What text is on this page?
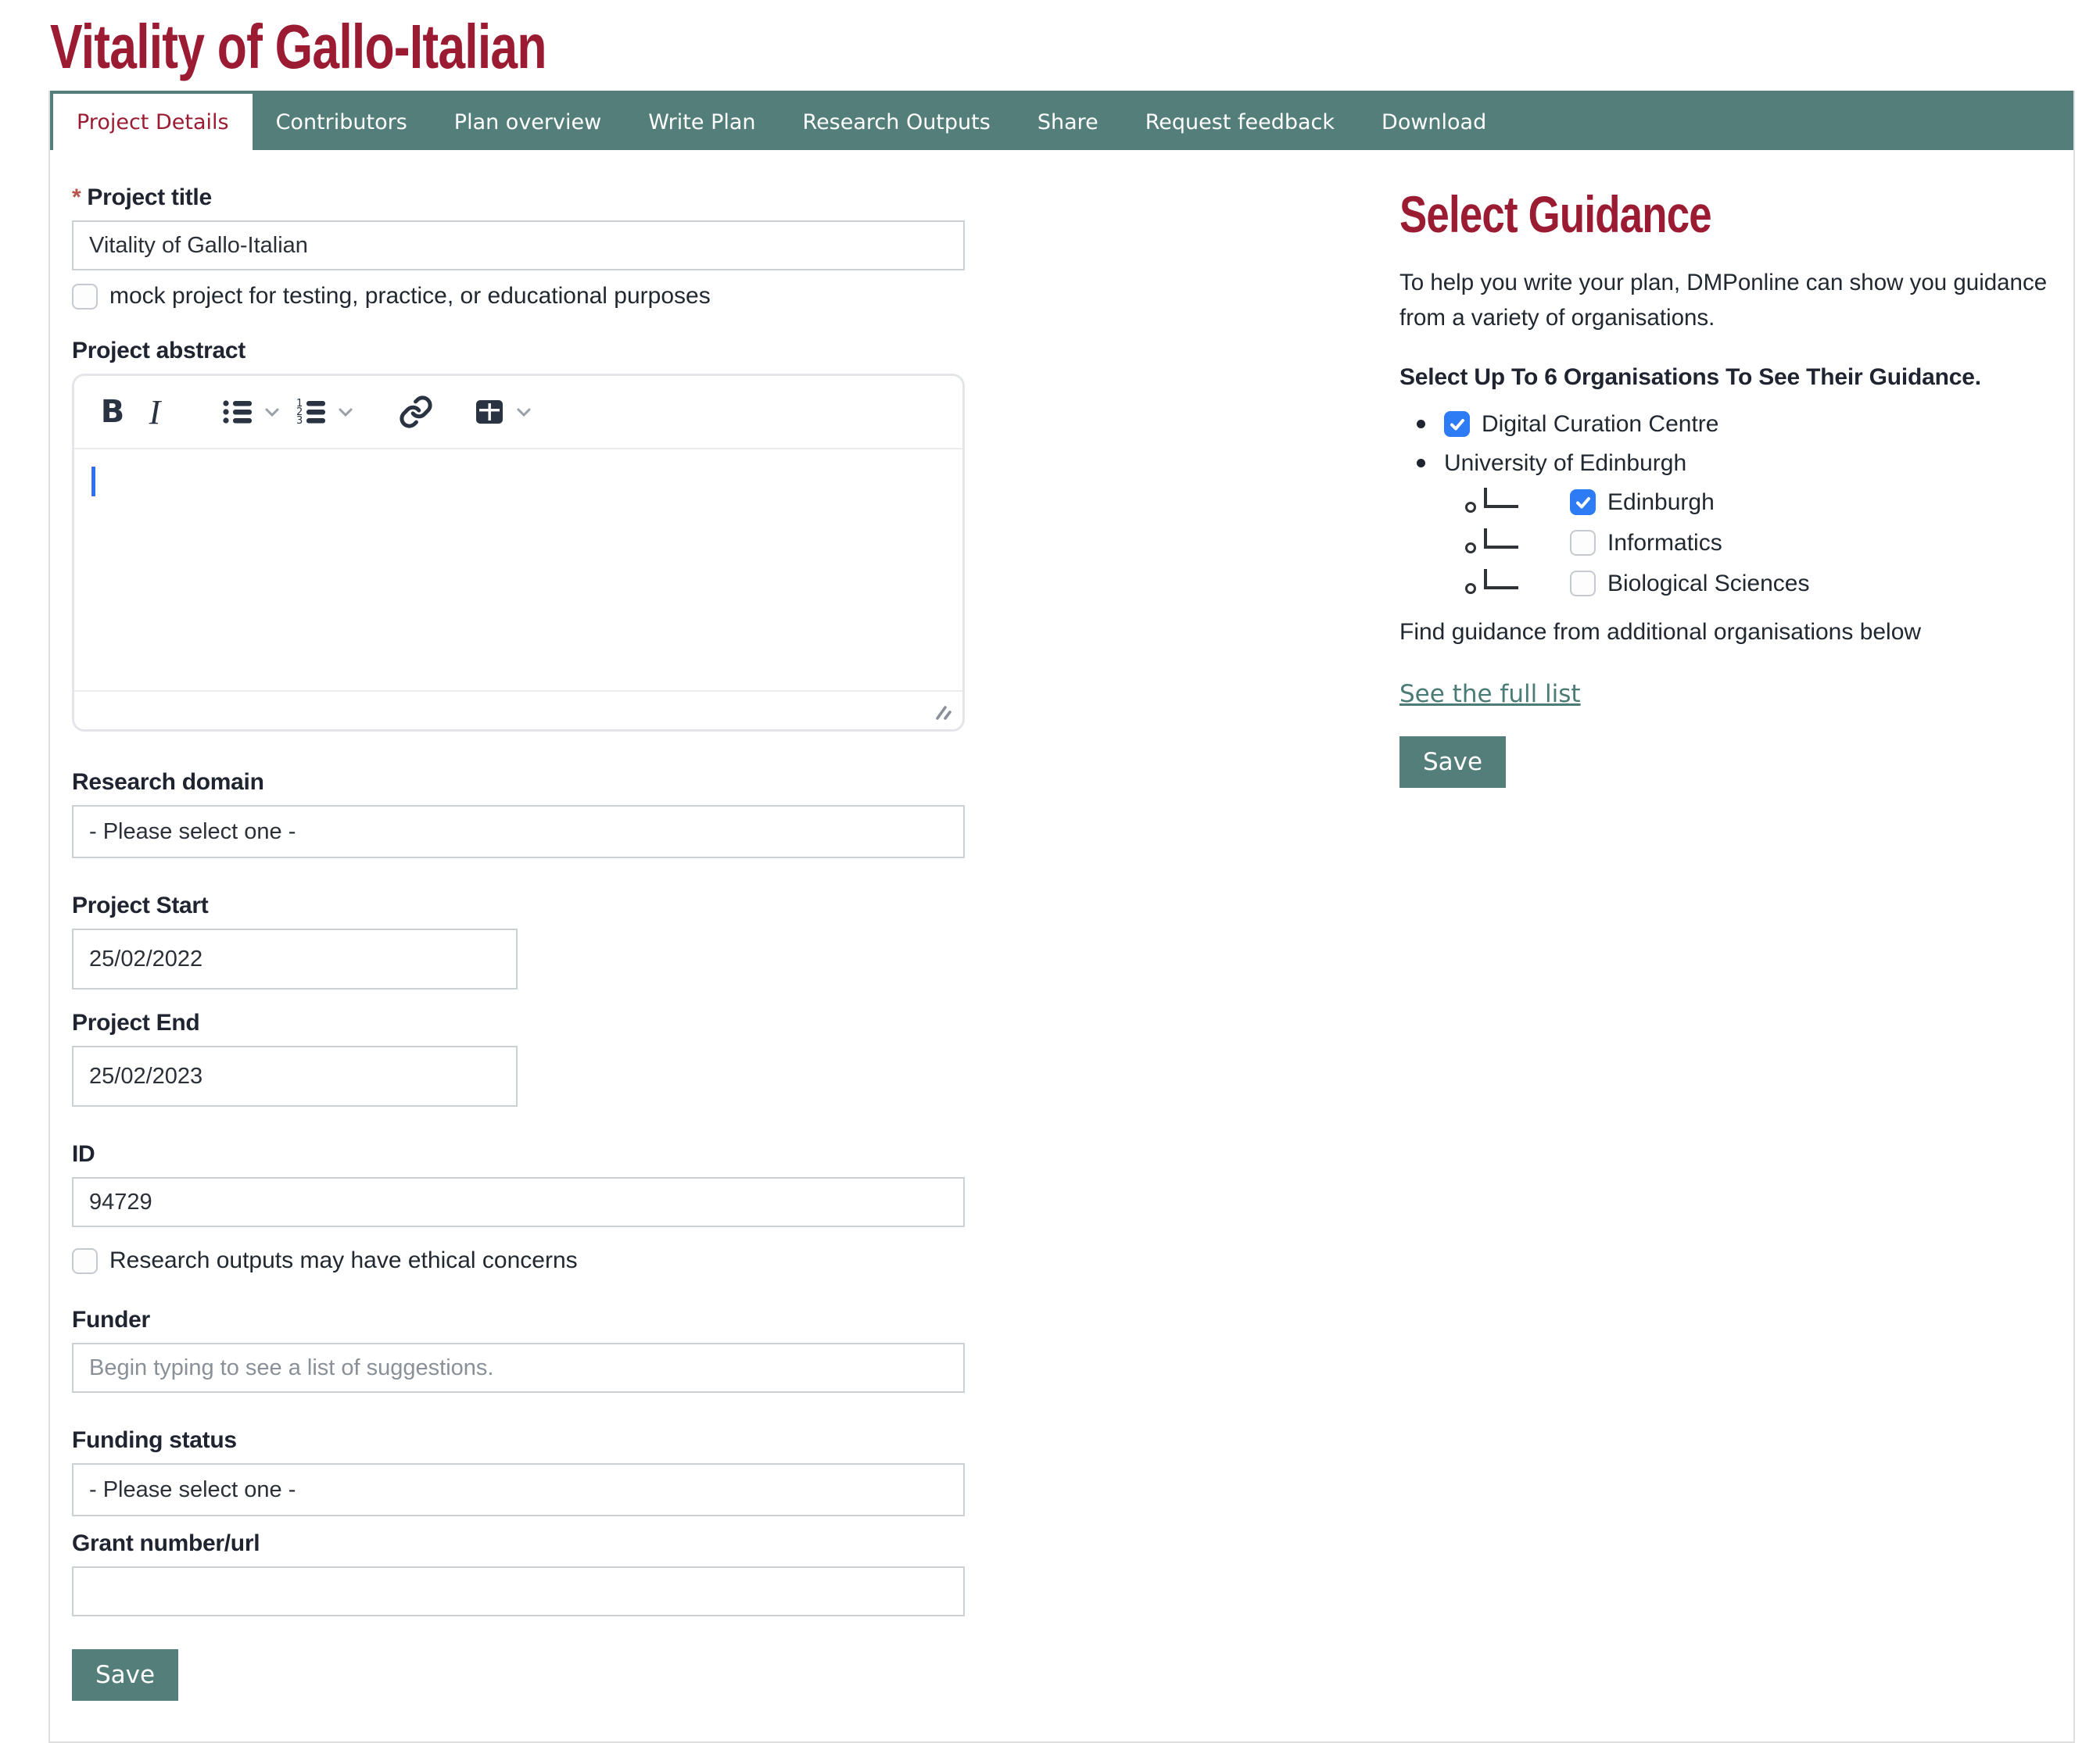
Vitality of Gallo-Italian
Project Details	Contributors	Plan overview	Write Plan	Research Outputs	Share	Request feedback	Download
* Project title
Vitality of Gallo-Italian
mock project for testing, practice, or educational purposes
Project abstract
B I	1
2
3
Research domain
- Please select one -
Project Start
25/02/2022
Project End
25/02/2023
ID
94729
Research outputs may have ethical concerns
Funder
Begin typing to see a list of suggestions.
Funding status
- Please select one -
Grant number/url
Save
Select Guidance

To help you write your plan, DMPonline can show you guidance from a variety of organisations.

Select Up To 6 Organisations To See Their Guidance.

Digital Curation Centre
University of Edinburgh
Edinburgh
Informatics
Biological Sciences

Find guidance from additional organisations below

See the full list
Save
